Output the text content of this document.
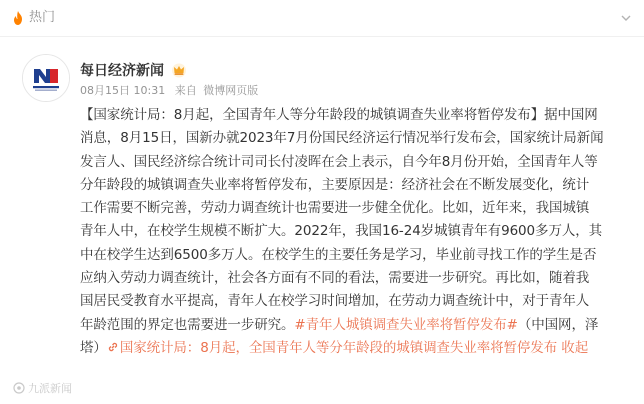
热门
每日经济新闻
08月15日 10:31 来自 微博网页版
【国家统计局：8月起，全国青年人等分年龄段的城镇调查失业率将暂停发布】据中国网
消息，8月15日，国新办就2023年7月份国民经济运行情况举行发布会，国家统计局新闻
发言人、国民经济综合统计司司长付凌晖在会上表示，自今年8月份开始，全国青年人等
分年龄段的城镇调查失业率将暂停发布，主要原因是：经济社会在不断发展变化，统计
工作需要不断完善，劳动力调查统计也需要进一步健全优化。比如，近年来，我国城镇
青年人中，在校学生规模不断扩大。2022年，我国16-24岁城镇青年有9600多万人，其
中在校学生达到6500多万人。在校学生的主要任务是学习，毕业前寻找工作的学生是否
应纳入劳动力调查统计，社会各方面有不同的看法，需要进一步研究。再比如，随着我
国居民受教育水平提高，青年人在校学习时间增加，在劳动力调查统计中，对于青年人
年龄范围的界定也需要进一步研究。#青年人城镇调查失业率将暂停发布#（中国网，泽
塔） 国家统计局：8月起，全国青年人等分年龄段的城镇调查失业率将暂停发布 收起
九派新闻
